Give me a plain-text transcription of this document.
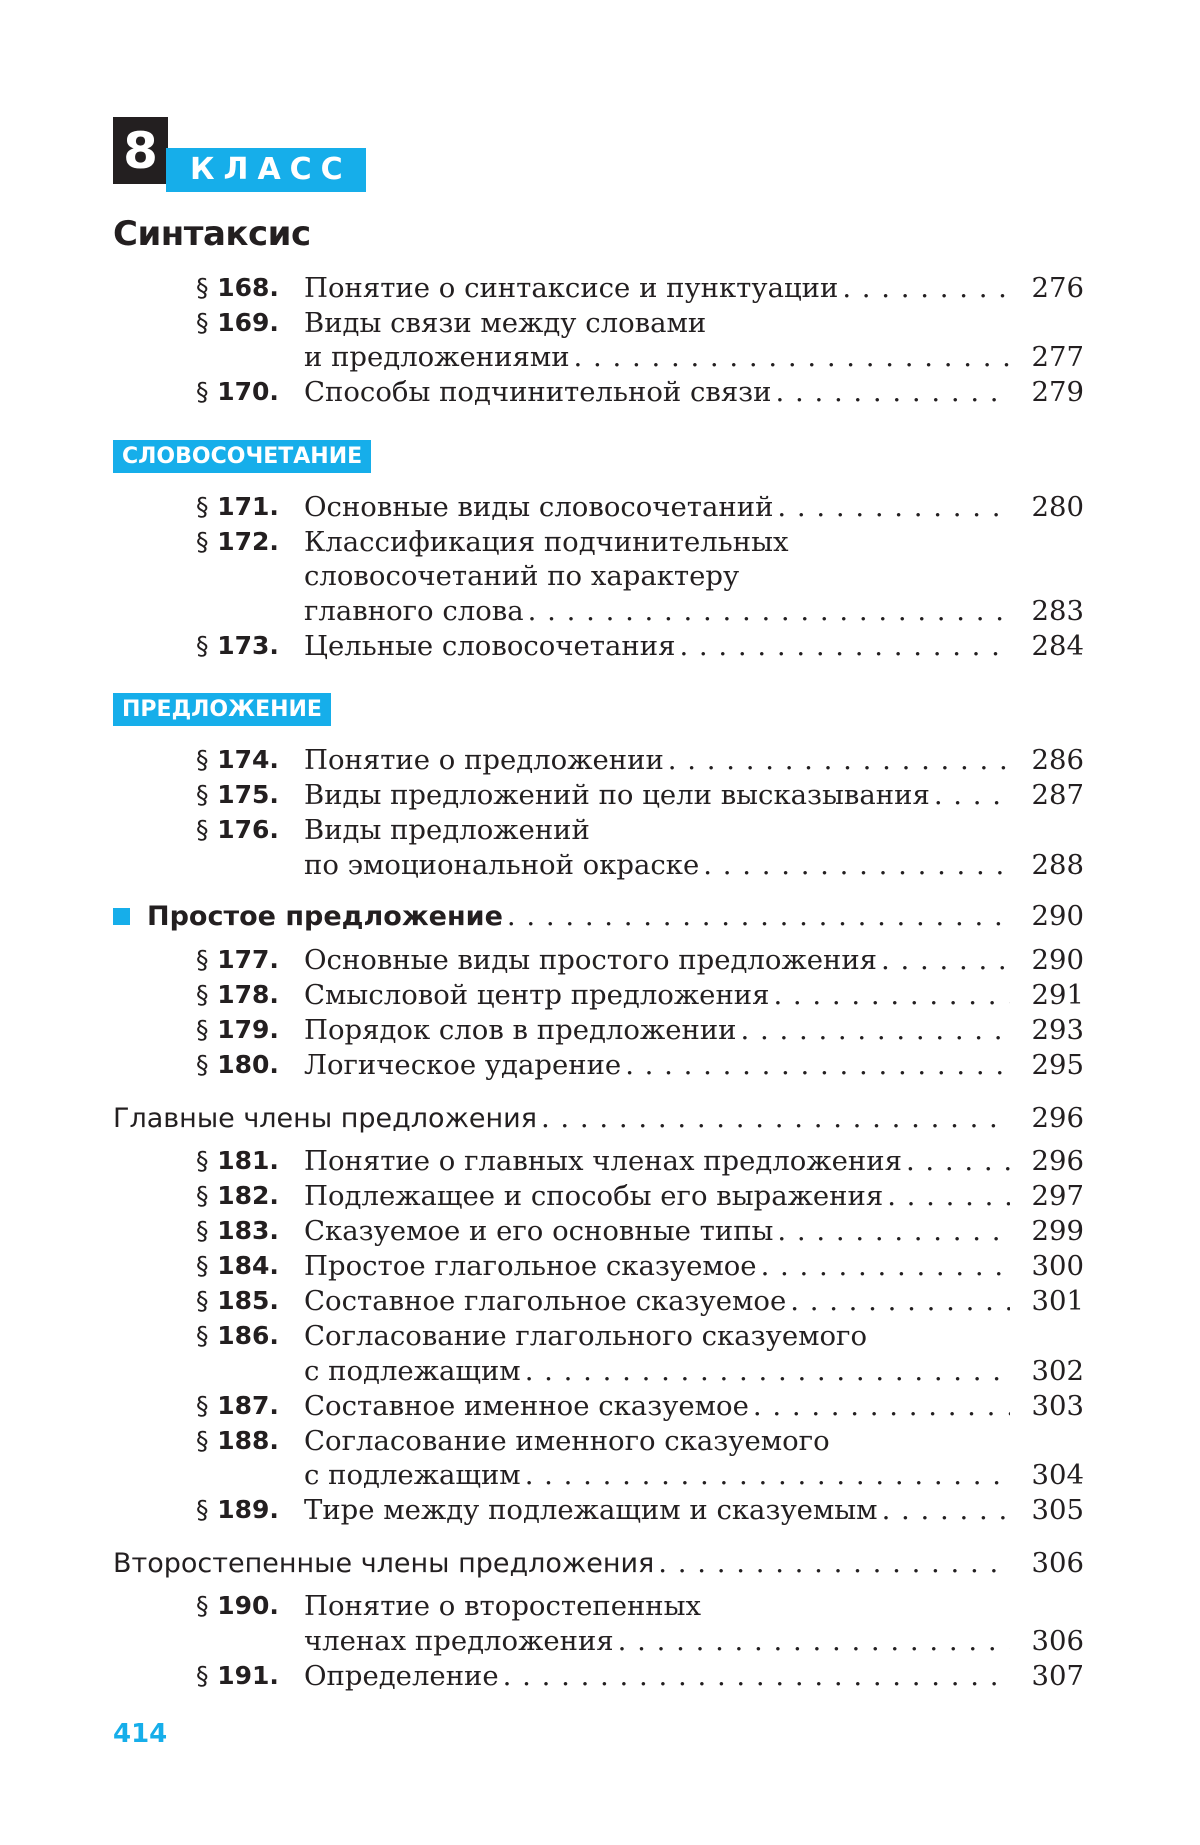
8	КЛАСС
Синтаксис
§ 168. Понятие о синтаксисе и пунктуации . . .	276
§ 169. Виды связи между словами
и предложениями . . .	277
§ 170. Способы подчинительной связи . . .	279
СЛОВОСОЧЕТАНИЕ
§ 171. Основные виды словосочетаний . . .	280
§ 172. Классификация подчинительных
словосочетаний по характеру
главного слова . . .	283
§ 173. Цельные словосочетания . . .	284
ПРЕДЛОЖЕНИЕ
§ 174. Понятие о предложении . . .	286
§ 175. Виды предложений по цели высказывания . . .	287
§ 176. Виды предложений
по эмоциональной окраске . . .	288
Простое предложение . . .	290
§ 177. Основные виды простого предложения . . .	290
§ 178. Смысловой центр предложения . . .	291
§ 179. Порядок слов в предложении . . .	293
§ 180. Логическое ударение . . .	295
Главные члены предложения . . .	296
§ 181. Понятие о главных членах предложения . . .	296
§ 182. Подлежащее и способы его выражения . . .	297
§ 183. Сказуемое и его основные типы . . .	299
§ 184. Простое глагольное сказуемое . . .	300
§ 185. Составное глагольное сказуемое . . .	301
§ 186. Согласование глагольного сказуемого
с подлежащим . . .	302
§ 187. Составное именное сказуемое . . .	303
§ 188. Согласование именного сказуемого
с подлежащим . . .	304
§ 189. Тире между подлежащим и сказуемым . . .	305
Второстепенные члены предложения . . .	306
§ 190. Понятие о второстепенных
членах предложения . . .	306
§ 191. Определение . . .	307
414
